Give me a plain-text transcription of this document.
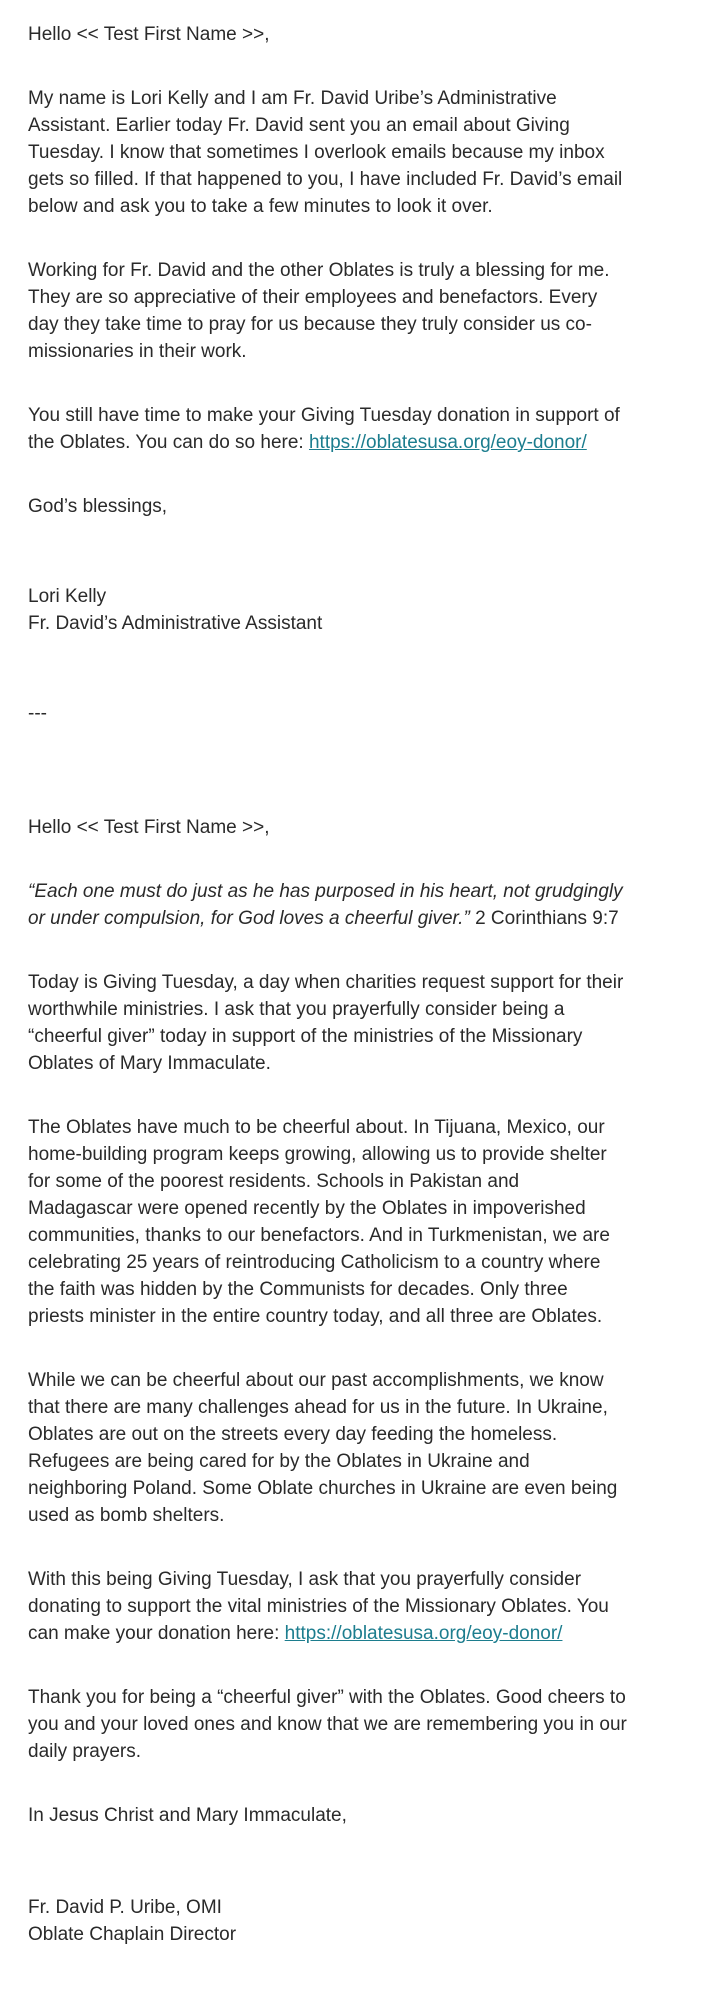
Hello << Test First Name >>,

My name is Lori Kelly and I am Fr. David Uribe’s Administrative Assistant. Earlier today Fr. David sent you an email about Giving Tuesday. I know that sometimes I overlook emails because my inbox gets so filled. If that happened to you, I have included Fr. David’s email below and ask you to take a few minutes to look it over.

Working for Fr. David and the other Oblates is truly a blessing for me. They are so appreciative of their employees and benefactors. Every day they take time to pray for us because they truly consider us co-missionaries in their work.

You still have time to make your Giving Tuesday donation in support of the Oblates. You can do so here: https://oblatesusa.org/eoy-donor/

God’s blessings,

Lori Kelly
Fr. David’s Administrative Assistant

---

Hello << Test First Name >>,

“Each one must do just as he has purposed in his heart, not grudgingly or under compulsion, for God loves a cheerful giver.” 2 Corinthians 9:7

Today is Giving Tuesday, a day when charities request support for their worthwhile ministries. I ask that you prayerfully consider being a “cheerful giver” today in support of the ministries of the Missionary Oblates of Mary Immaculate.

The Oblates have much to be cheerful about. In Tijuana, Mexico, our home-building program keeps growing, allowing us to provide shelter for some of the poorest residents. Schools in Pakistan and Madagascar were opened recently by the Oblates in impoverished communities, thanks to our benefactors. And in Turkmenistan, we are celebrating 25 years of reintroducing Catholicism to a country where the faith was hidden by the Communists for decades. Only three priests minister in the entire country today, and all three are Oblates.

While we can be cheerful about our past accomplishments, we know that there are many challenges ahead for us in the future. In Ukraine, Oblates are out on the streets every day feeding the homeless. Refugees are being cared for by the Oblates in Ukraine and neighboring Poland. Some Oblate churches in Ukraine are even being used as bomb shelters.

With this being Giving Tuesday, I ask that you prayerfully consider donating to support the vital ministries of the Missionary Oblates. You can make your donation here: https://oblatesusa.org/eoy-donor/

Thank you for being a “cheerful giver” with the Oblates. Good cheers to you and your loved ones and know that we are remembering you in our daily prayers.

In Jesus Christ and Mary Immaculate,

Fr. David P. Uribe, OMI
Oblate Chaplain Director
